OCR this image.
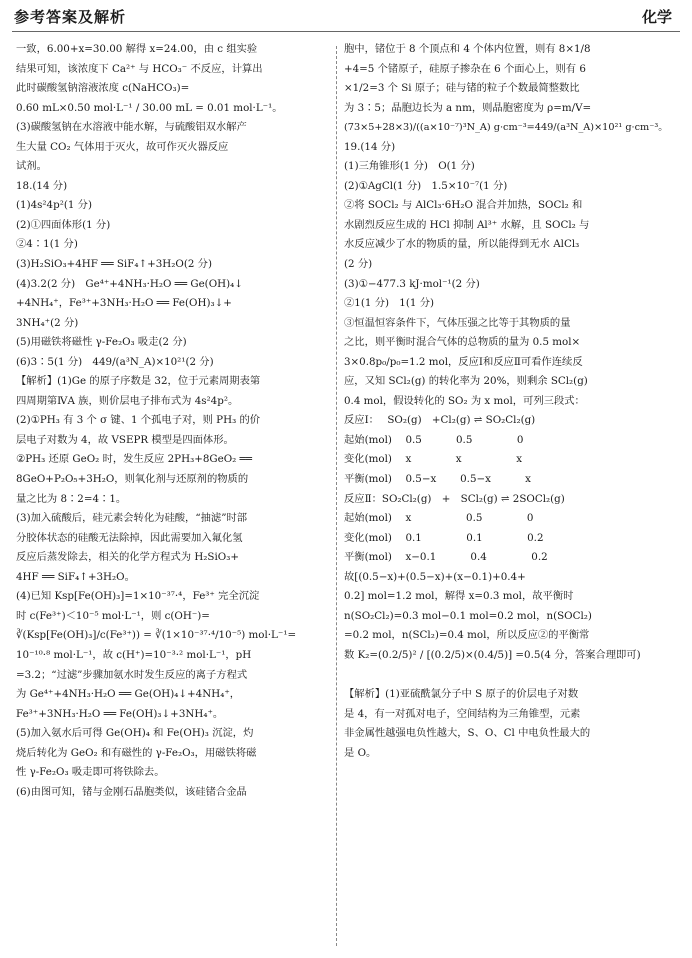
参考答案及解析	化学
一致，6.00+x=30.00 解得 x=24.00，由 c 组实验
结果可知，该浓度下 Ca²⁺ 与 HCO₃⁻ 不反应，计算出
此时碳酸氢钠溶液浓度 c(NaHCO₃)=
0.60 mL×0.50 mol·L⁻¹ / 30.00 mL = 0.01 mol·L⁻¹。
(3)碳酸氢钠在水溶液中能水解，与硫酸铝双水解产
生大量 CO₂ 气体用于灭火，故可作灭火器反应
试剂。
18.(14 分)
(1)4s²4p²(1 分)
(2)①四面体形(1 分)
②4∶1(1 分)
(3)H₂SiO₃+4HF ══ SiF₄↑+3H₂O(2 分)
(4)3.2(2 分)　Ge⁴⁺+4NH₃·H₂O ══ Ge(OH)₄↓
+4NH₄⁺，Fe³⁺+3NH₃·H₂O ══ Fe(OH)₃↓+
3NH₄⁺(2 分)
(5)用磁铁将磁性 γ-Fe₂O₃ 吸走(2 分)
(6)3∶5(1 分)　449/(a³N_A)×10²¹(2 分)
【解析】(1)Ge 的原子序数是 32，位于元素周期表第
四周期第ⅣA 族，则价层电子排布式为 4s²4p²。
(2)①PH₃ 有 3 个 σ 键、1 个孤电子对，则 PH₃ 的价
层电子对数为 4，故 VSEPR 模型是四面体形。
②PH₃ 还原 GeO₂ 时，发生反应 2PH₃+8GeO₂ ══
8GeO+P₂O₅+3H₂O，则氧化剂与还原剂的物质的
量之比为 8∶2=4∶1。
(3)加入硫酸后，硅元素会转化为硅酸，“抽滤”时部
分胶体状态的硅酸无法除掉，因此需要加入氟化氢
反应后蒸发除去，相关的化学方程式为 H₂SiO₃+
4HF ══ SiF₄↑+3H₂O。
(4)已知 Ksp[Fe(OH)₃]=1×10⁻³⁷·⁴，Fe³⁺ 完全沉淀
时 c(Fe³⁺)＜10⁻⁵ mol·L⁻¹，则 c(OH⁻)=
∛(Ksp[Fe(OH)₃]/c(Fe³⁺)) = ∛(1×10⁻³⁷·⁴/10⁻⁵) mol·L⁻¹=
10⁻¹⁰·⁸ mol·L⁻¹，故 c(H⁺)=10⁻³·² mol·L⁻¹，pH
=3.2；“过滤”步骤加氨水时发生反应的离子方程式
为 Ge⁴⁺+4NH₃·H₂O ══ Ge(OH)₄↓+4NH₄⁺，
Fe³⁺+3NH₃·H₂O ══ Fe(OH)₃↓+3NH₄⁺。
(5)加入氨水后可得 Ge(OH)₄ 和 Fe(OH)₃ 沉淀，灼
烧后转化为 GeO₂ 和有磁性的 γ-Fe₂O₃，用磁铁将磁
性 γ-Fe₂O₃ 吸走即可将铁除去。
(6)由图可知，锗与金刚石晶胞类似，该硅锗合金晶
胞中，锗位于 8 个顶点和 4 个体内位置，则有 8×1/8
+4=5 个锗原子，硅原子掺杂在 6 个面心上，则有 6
×1/2=3 个 Si 原子；硅与锗的粒子个数最简整数比
为 3∶5；晶胞边长为 a nm，则晶胞密度为 ρ=m/V=
(73×5+28×3)/((a×10⁻⁷)³N_A) g·cm⁻³=449/(a³N_A)×10²¹ g·cm⁻³。
19.(14 分)
(1)三角锥形(1 分)　O(1 分)
(2)①AgCl(1 分)　1.5×10⁻⁷(1 分)
②将 SOCl₂ 与 AlCl₃·6H₂O 混合并加热，SOCl₂ 和
水剧烈反应生成的 HCl 抑制 Al³⁺ 水解，且 SOCl₂ 与
水反应减少了水的物质的量，所以能得到无水 AlCl₃
(2 分)
(3)①−477.3 kJ·mol⁻¹(2 分)
②1(1 分)　1(1 分)
③恒温恒容条件下，气体压强之比等于其物质的量
之比，则平衡时混合气体的总物质的量为 0.5 mol×
3×0.8p₀/p₀=1.2 mol，反应Ⅰ和反应Ⅱ可看作连续反
应，又知 SCl₂(g) 的转化率为 20%，则剩余 SCl₂(g)
0.4 mol，假设转化的 SO₂ 为 x mol，可列三段式：
反应Ⅰ：　 SO₂(g)　+Cl₂(g) ⇌ SO₂Cl₂(g)
起始(mol)　 0.5　　　 0.5　　　　 0
变化(mol)　 x　　　　 x　　　　　 x
平衡(mol)　 0.5−x　　 0.5−x　　　 x
反应Ⅱ：SO₂Cl₂(g)　+　SCl₂(g) ⇌ 2SOCl₂(g)
起始(mol)　 x　　　　　 0.5　　　　 0
变化(mol)　 0.1　　　　 0.1　　　　 0.2
平衡(mol)　 x−0.1　　　 0.4　　　　 0.2
故[(0.5−x)+(0.5−x)+(x−0.1)+0.4+
0.2] mol=1.2 mol，解得 x=0.3 mol，故平衡时
n(SO₂Cl₂)=0.3 mol−0.1 mol=0.2 mol，n(SOCl₂)
=0.2 mol，n(SCl₂)=0.4 mol，所以反应②的平衡常
数 K₂=(0.2/5)² / [(0.2/5)×(0.4/5)] =0.5(4 分，答案合理即可)
【解析】(1)亚硫酰氯分子中 S 原子的价层电子对数
是 4，有一对孤对电子，空间结构为三角锥型，元素
非金属性越强电负性越大，S、O、Cl 中电负性最大的
是 O。
